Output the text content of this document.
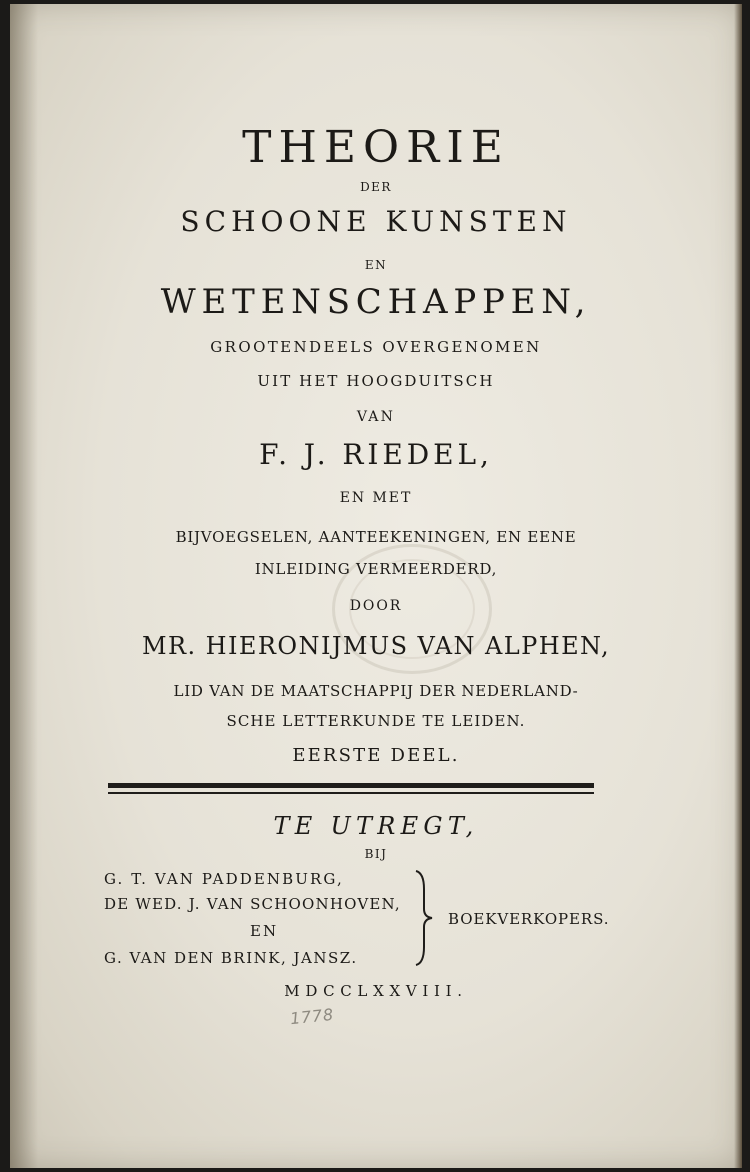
THEORIE
DER
SCHOONE KUNSTEN
EN
WETENSCHAPPEN,
GROOTENDEELS OVERGENOMEN
UIT HET HOOGDUITSCH
VAN
F. J. RIEDEL,
EN MET
BIJVOEGSELEN, AANTEEKENINGEN, EN EENE
INLEIDING VERMEERDERD,
DOOR
MR. HIERONIJMUS VAN ALPHEN,
LID VAN DE MAATSCHAPPIJ DER NEDERLAND-
SCHE LETTERKUNDE TE LEIDEN.
EERSTE DEEL.
TE UTREGT,
BIJ
G. T. VAN PADDENBURG,
DE WED. J. VAN SCHOONHOVEN,
EN
G. VAN DEN BRINK, JANSZ.
BOEKVERKOPERS.
MDCCLXXVIII.
1778
